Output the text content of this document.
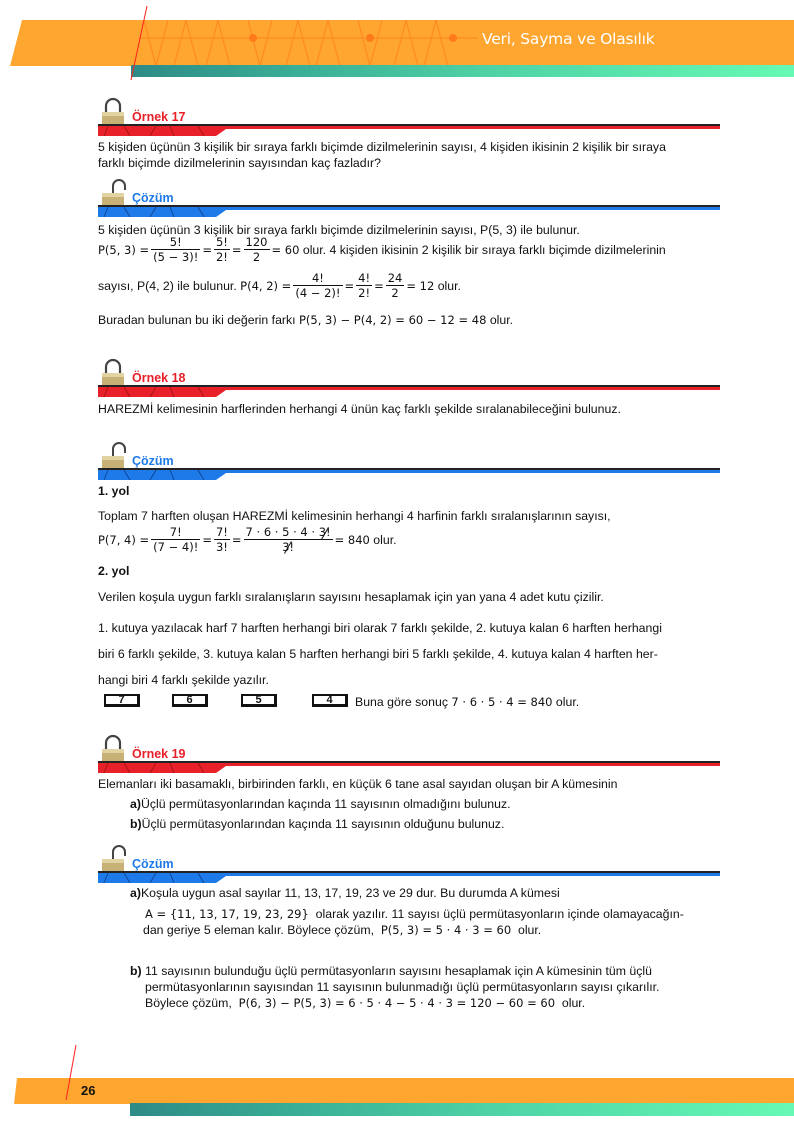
Veri, Sayma ve Olasılık
Örnek 17
5 kişiden üçünün 3 kişilik bir sıraya farklı biçimde dizilmelerinin sayısı, 4 kişiden ikisinin 2 kişilik bir sıraya
farklı biçimde dizilmelerinin sayısından kaç fazladır?
Çözüm
5 kişiden üçünün 3 kişilik bir sıraya farklı biçimde dizilmelerinin sayısı, P(5, 3) ile bulunur.
P(5, $3) = \frac{5!}{(5 - 3)!} = \frac{5!}{2!} = \frac{120}{2} = 60$
olur. 4 kişiden ikisinin 2 kişilik bir sıraya farklı biçimde dizilmelerinin
sayısı, P(4, 2) ile bulunur.
P(4, $2) = \frac{4!}{(4 - 2)!} = \frac{4!}{2!} = \frac{24}{2} = 12$
olur.
Buradan bulunan bu iki değerin farkı
P(5, 3) − P(4, 2) = 60 − 12 = 48
olur.
Örnek 18
HAREZMİ kelimesinin harflerinden herhangi 4 ünün kaç farklı şekilde sıralanabileceğini bulunuz.
Çözüm
1. yol
Toplam 7 harften oluşan HAREZMİ kelimesinin herhangi 4 harfinin farklı sıralanışlarının sayısı,
P(7, $4) = \frac{7!}{(7 - 4)!} = \frac{7!}{3!} = \frac{7 \cdot 6 \cdot 5 \cdot 4 \cdot 3!}{3!} = 840$
olur.
2. yol
Verilen koşula uygun farklı sıralanışların sayısını hesaplamak için yan yana 4 adet kutu çizilir.
1. kutuya yazılacak harf 7 harften herhangi biri olarak 7 farklı şekilde, 2. kutuya kalan 6 harften herhangi
biri 6 farklı şekilde, 3. kutuya kalan 5 harften herhangi biri 5 farklı şekilde, 4. kutuya kalan 4 harften her-
hangi biri 4 farklı şekilde yazılır.
7	6	5	4	Buna göre sonuç
7 · 6 · 5 · 4 = 840
olur.
Örnek 19
Elemanları iki basamaklı, birbirinden farklı, en küçük 6 tane asal sayıdan oluşan bir A kümesinin
a)Üçlü permütasyonlarından kaçında 11 sayısının olmadığını bulunuz.
b)Üçlü permütasyonlarından kaçında 11 sayısının olduğunu bulunuz.
Çözüm
a)Koşula uygun asal sayılar 11, 13, 17, 19, 23 ve 29 dur. Bu durumda A kümesi
A = {11, 13, 17, 19, 23, 29} olarak yazılır. 11 sayısı üçlü permütasyonların içinde olamayacağın-
dan geriye 5 eleman kalır. Böylece çözüm, P(5, 3) = 5 · 4 · 3 = 60 olur.
b) 11 sayısının bulunduğu üçlü permütasyonların sayısını hesaplamak için A kümesinin tüm üçlü
permütasyonlarının sayısından 11 sayısının bulunmadığı üçlü permütasyonların sayısı çıkarılır.
Böylece çözüm, P(6, 3) − P(5, 3) = 6 · 5 · 4 − 5 · 4 · 3 = 120 − 60 = 60 olur.
26
